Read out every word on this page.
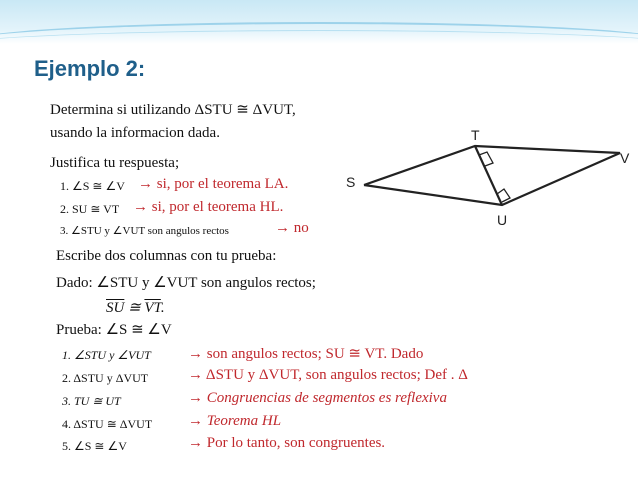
Ejemplo 2:
Determina si utilizando ΔSTU ≅ ΔVUT,
usando la informacion dada.
Justifica tu respuesta;
1. ∠S ≅ ∠V → si, por el teorema LA.
2. SU ≅ VT → si, por el teorema HL.
3. ∠STU y ∠VUT son angulos rectos	→ no
Escribe dos columnas con tu prueba:
Dado: ∠STU y ∠VUT son angulos rectos;
$\overline{SU}$ ≅ $\overline{VT}$.
Prueba: ∠S ≅ ∠V
1. ∠STU y ∠VUT → son angulos rectos; SU ≅ VT. Dado
2. ΔSTU y ΔVUT	→ ΔSTU y ΔVUT, son angulos rectos; Def . Δ
3. TU ≅ UT	→ Congruencias de segmentos es reflexiva
4. ΔSTU ≅ ΔVUT → Teorema HL
5. ∠S ≅ ∠V	→ Por lo tanto, son congruentes.
T
V
S
U
